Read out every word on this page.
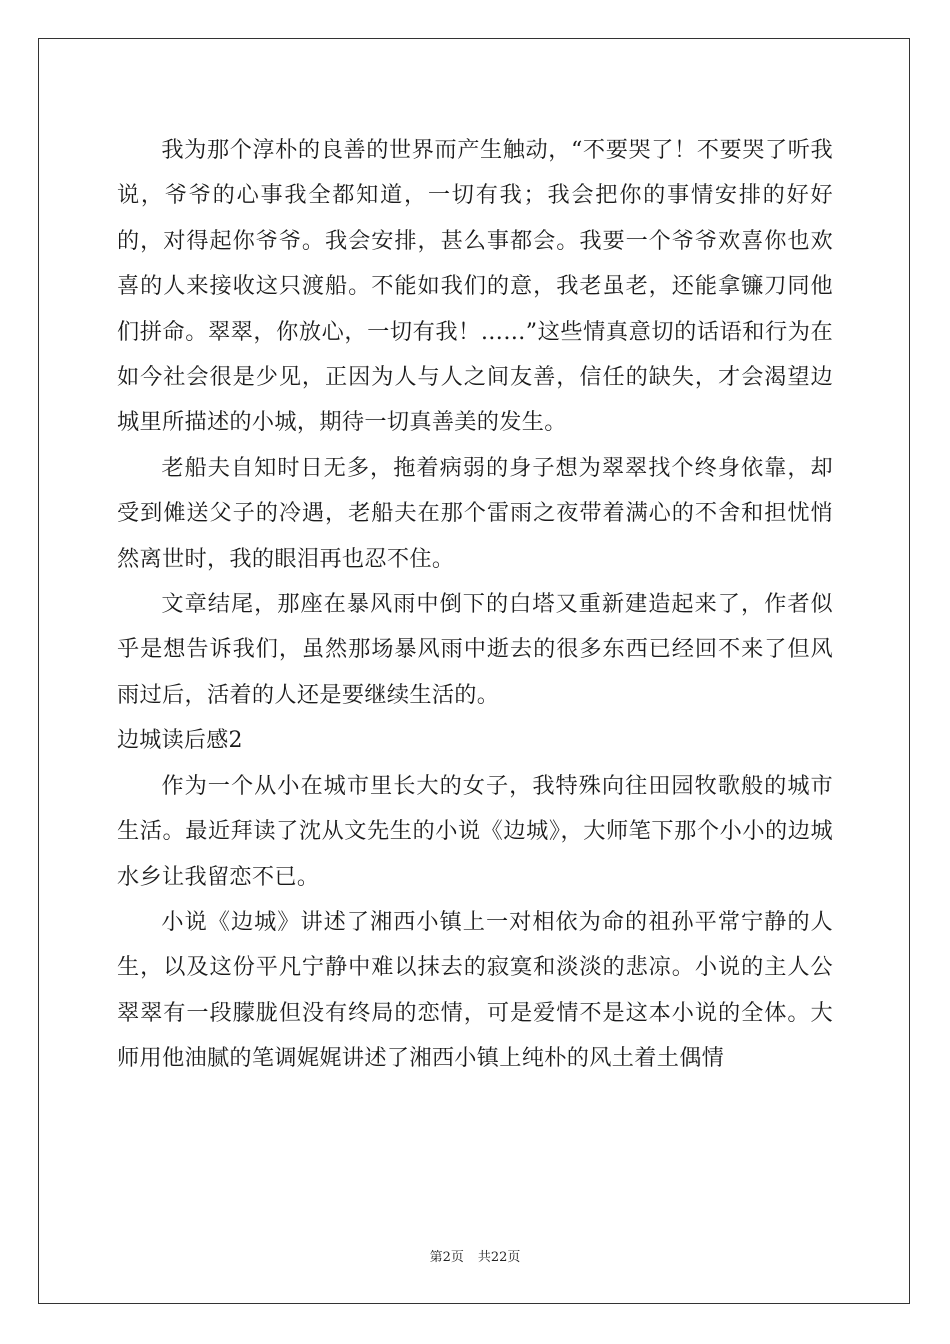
我为那个淳朴的良善的世界而产生触动，“不要哭了！不要哭了听我说，爷爷的心事我全都知道，一切有我；我会把你的事情安排的好好的，对得起你爷爷。我会安排，甚么事都会。我要一个爷爷欢喜你也欢喜的人来接收这只渡船。不能如我们的意，我老虽老，还能拿镰刀同他们拼命。翠翠，你放心，一切有我！……”这些情真意切的话语和行为在如今社会很是少见，正因为人与人之间友善，信任的缺失，才会渴望边城里所描述的小城，期待一切真善美的发生。

老船夫自知时日无多，拖着病弱的身子想为翠翠找个终身依靠，却受到傩送父子的冷遇，老船夫在那个雷雨之夜带着满心的不舍和担忧悄然离世时，我的眼泪再也忍不住。

文章结尾，那座在暴风雨中倒下的白塔又重新建造起来了，作者似乎是想告诉我们，虽然那场暴风雨中逝去的很多东西已经回不来了但风雨过后，活着的人还是要继续生活的。

边城读后感2

作为一个从小在城市里长大的女子，我特殊向往田园牧歌般的城市生活。最近拜读了沈从文先生的小说《边城》，大师笔下那个小小的边城水乡让我留恋不已。

小说《边城》讲述了湘西小镇上一对相依为命的祖孙平常宁静的人生，以及这份平凡宁静中难以抹去的寂寞和淡淡的悲凉。小说的主人公翠翠有一段朦胧但没有终局的恋情，可是爱情不是这本小说的全体。大师用他油腻的笔调娓娓讲述了湘西小镇上纯朴的风土着土偶情

第2页 共22页
